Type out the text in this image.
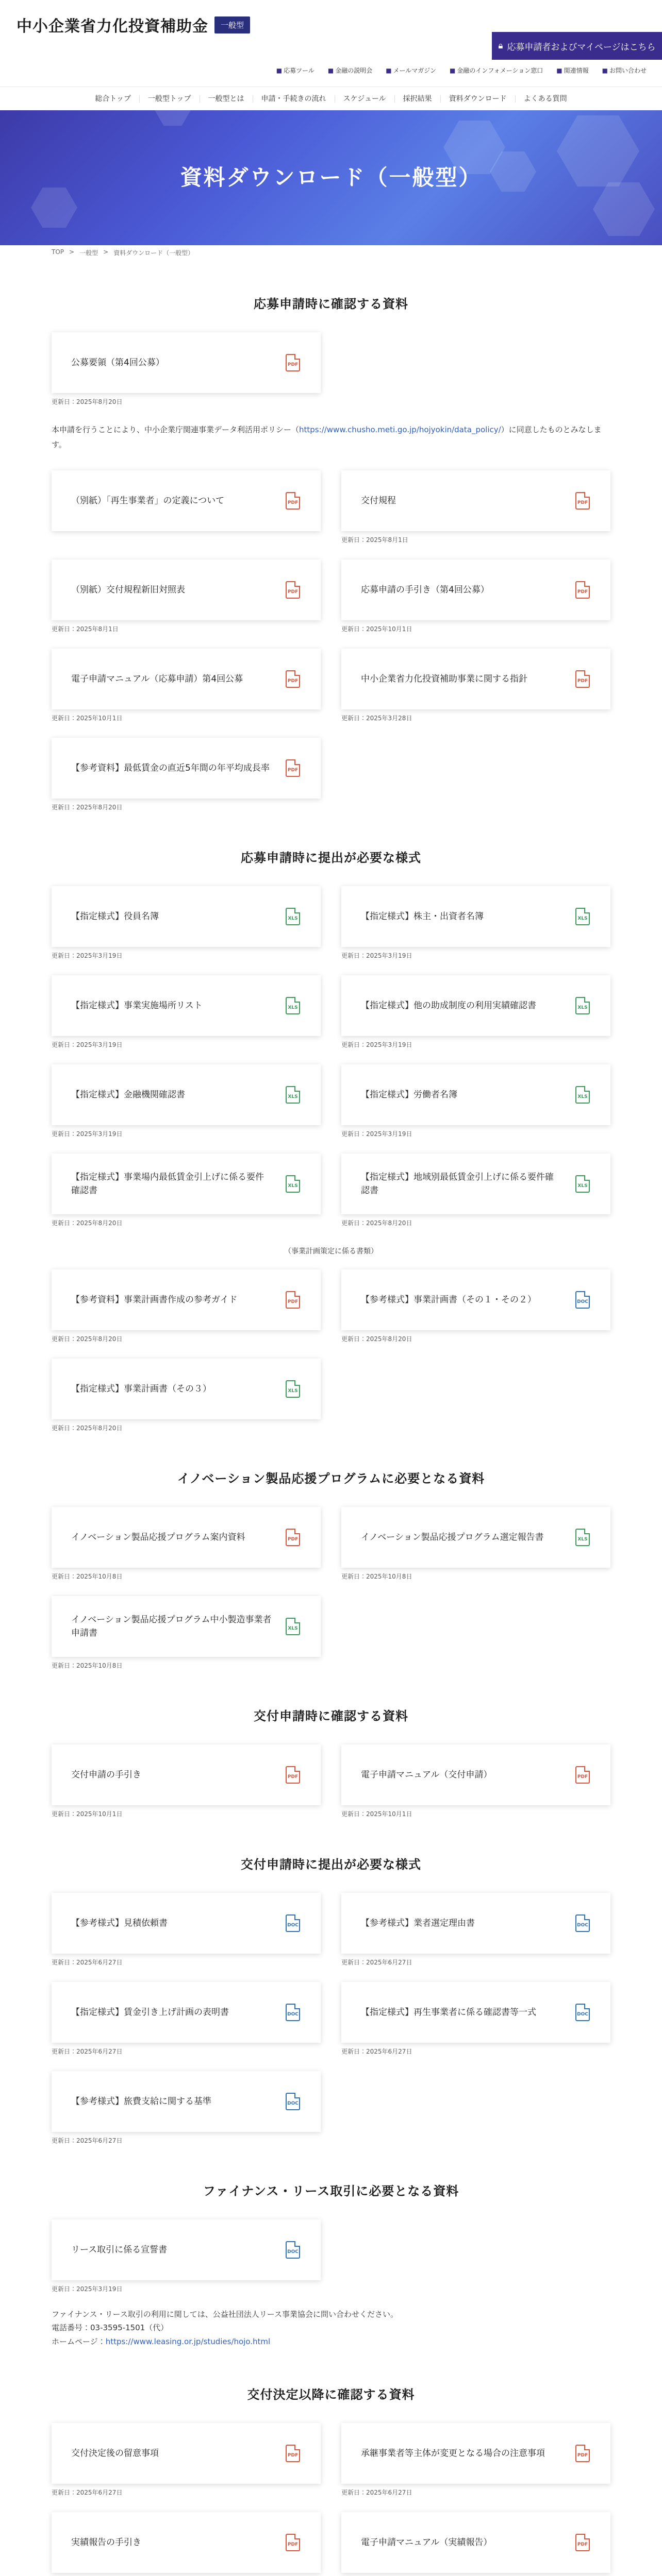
中小企業省力化投資補助金	一般型
🔒︎ 応募申請者およびマイページはこちら
■ 応募ツール ■ 金融の説明会 ■ メールマガジン ■ 金融のインフォメーション窓口 ■ 関連情報 ■ お問い合わせ
総合トップ	一般型トップ	一般型とは	申請・手続きの流れ	スケジュール	採択結果	資料ダウンロード	よくある質問
資料ダウンロード（一般型）
TOP > 一般型 > 資料ダウンロード（一般型）
応募申請時に確認する資料
公募要領（第4回公募）	PDF
更新日：2025年8月20日

本申請を行うことにより、中小企業庁関連事業データ利活用ポリシー（https://www.chusho.meti.go.jp/hojyokin/data_policy/）に同意したものとみなします。

（別紙）「再生事業者」の定義について	PDF	交付規程	PDF
更新日：2025年8月1日
（別紙）交付規程新旧対照表	PDF
更新日：2025年8月1日
応募申請の手引き（第4回公募）	PDF
更新日：2025年10月1日
電子申請マニュアル（応募申請）第4回公募	PDF
更新日：2025年10月1日
中小企業省力化投資補助事業に関する指針	PDF
更新日：2025年3月28日
【参考資料】最低賃金の直近5年間の年平均成長率	PDF
更新日：2025年8月20日
応募申請時に提出が必要な様式
【指定様式】役員名簿	XLS
更新日：2025年3月19日
【指定様式】株主・出資者名簿	XLS
更新日：2025年3月19日
【指定様式】事業実施場所リスト	XLS
更新日：2025年3月19日
【指定様式】他の助成制度の利用実績確認書	XLS
更新日：2025年3月19日
【指定様式】金融機関確認書	XLS
更新日：2025年3月19日
【指定様式】労働者名簿	XLS
更新日：2025年3月19日
【指定様式】事業場内最低賃金引上げに係る要件確認書	XLS
更新日：2025年8月20日
【指定様式】地域別最低賃金引上げに係る要件確認書	XLS
更新日：2025年8月20日

（事業計画策定に係る書類）

【参考資料】事業計画書作成の参考ガイド	PDF
更新日：2025年8月20日
【参考様式】事業計画書（その１・その２）	DOC
更新日：2025年8月20日
【指定様式】事業計画書（その３）	XLS
更新日：2025年8月20日
イノベーション製品応援プログラムに必要となる資料
イノベーション製品応援プログラム案内資料	PDF
更新日：2025年10月8日
イノベーション製品応援プログラム選定報告書	XLS
更新日：2025年10月8日
イノベーション製品応援プログラム中小製造事業者申請書	XLS
更新日：2025年10月8日
交付申請時に確認する資料
交付申請の手引き	PDF
更新日：2025年10月1日
電子申請マニュアル（交付申請）	PDF
更新日：2025年10月1日
交付申請時に提出が必要な様式
【参考様式】見積依頼書	DOC
更新日：2025年6月27日
【参考様式】業者選定理由書	DOC
更新日：2025年6月27日
【指定様式】賃金引き上げ計画の表明書	DOC
更新日：2025年6月27日
【指定様式】再生事業者に係る確認書等一式	DOC
更新日：2025年6月27日
【参考様式】旅費支給に関する基準	DOC
更新日：2025年6月27日
ファイナンス・リース取引に必要となる資料
リース取引に係る宣誓書	DOC
更新日：2025年3月19日
ファイナンス・リース取引の利用に関しては、公益社団法人リース事業協会に問い合わせください。
電話番号：03-3595-1501（代）
ホームページ：https://www.leasing.or.jp/studies/hojo.html
交付決定以降に確認する資料
交付決定後の留意事項	PDF
更新日：2025年6月27日
承継事業者等主体が変更となる場合の注意事項	PDF
更新日：2025年6月27日
実績報告の手引き	PDF	電子申請マニュアル（実績報告）	PDF
